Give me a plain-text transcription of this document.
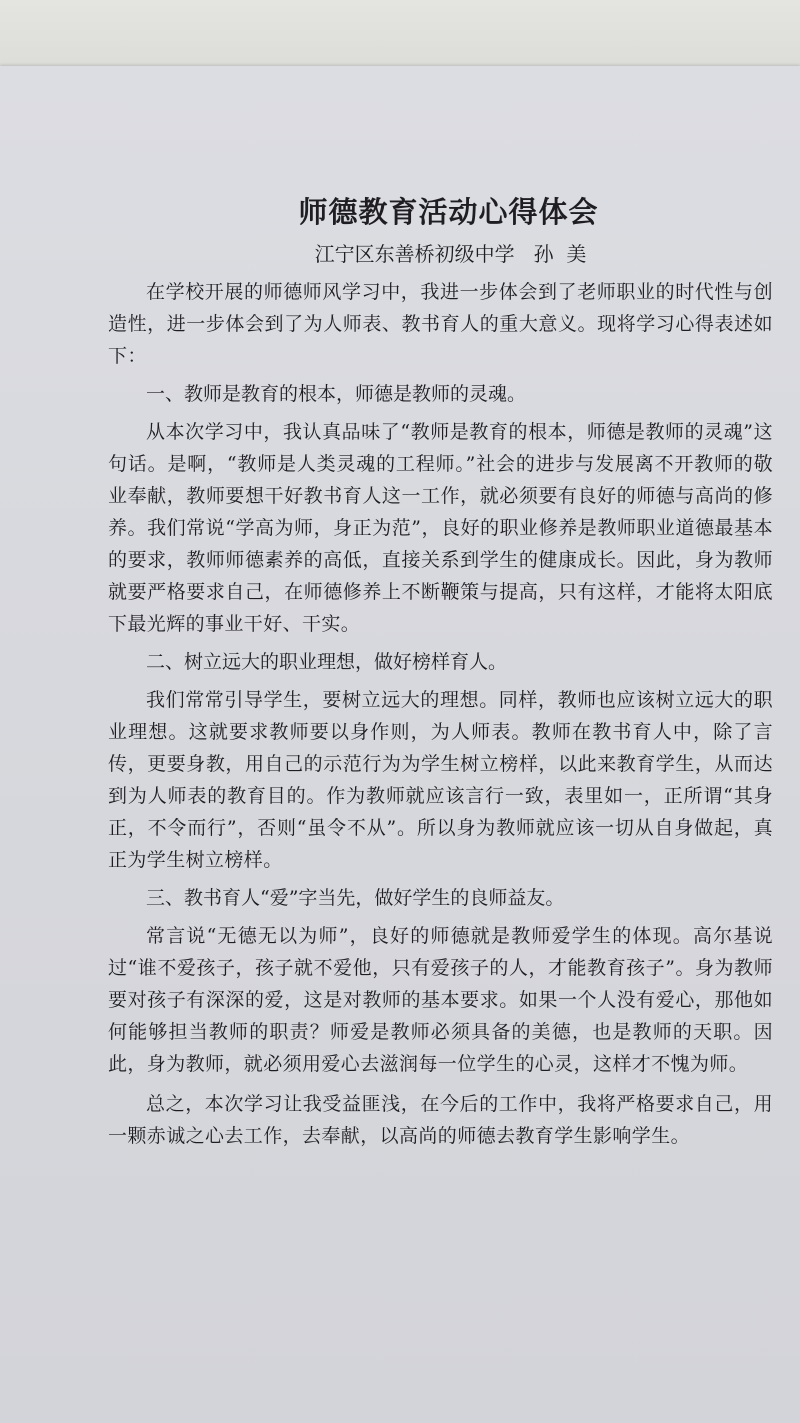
师德教育活动心得体会

江宁区东善桥初级中学   孙  美

在学校开展的师德师风学习中，我进一步体会到了老师职业的时代性与创造性，进一步体会到了为人师表、教书育人的重大意义。现将学习心得表述如下：

一、教师是教育的根本，师德是教师的灵魂。

从本次学习中，我认真品味了“教师是教育的根本，师德是教师的灵魂”这句话。是啊，“教师是人类灵魂的工程师。”社会的进步与发展离不开教师的敬业奉献，教师要想干好教书育人这一工作，就必须要有良好的师德与高尚的修养。我们常说“学高为师，身正为范”，良好的职业修养是教师职业道德最基本的要求，教师师德素养的高低，直接关系到学生的健康成长。因此，身为教师就要严格要求自己，在师德修养上不断鞭策与提高，只有这样，才能将太阳底下最光辉的事业干好、干实。

二、树立远大的职业理想，做好榜样育人。

我们常常引导学生，要树立远大的理想。同样，教师也应该树立远大的职业理想。这就要求教师要以身作则，为人师表。教师在教书育人中，除了言传，更要身教，用自己的示范行为为学生树立榜样，以此来教育学生，从而达到为人师表的教育目的。作为教师就应该言行一致，表里如一，正所谓“其身正，不令而行”，否则“虽令不从”。所以身为教师就应该一切从自身做起，真正为学生树立榜样。

三、教书育人“爱”字当先，做好学生的良师益友。

常言说“无德无以为师”，良好的师德就是教师爱学生的体现。高尔基说过“谁不爱孩子，孩子就不爱他，只有爱孩子的人，才能教育孩子”。身为教师要对孩子有深深的爱，这是对教师的基本要求。如果一个人没有爱心，那他如何能够担当教师的职责？师爱是教师必须具备的美德，也是教师的天职。因此，身为教师，就必须用爱心去滋润每一位学生的心灵，这样才不愧为师。

总之，本次学习让我受益匪浅，在今后的工作中，我将严格要求自己，用一颗赤诚之心去工作，去奉献，以高尚的师德去教育学生影响学生。
